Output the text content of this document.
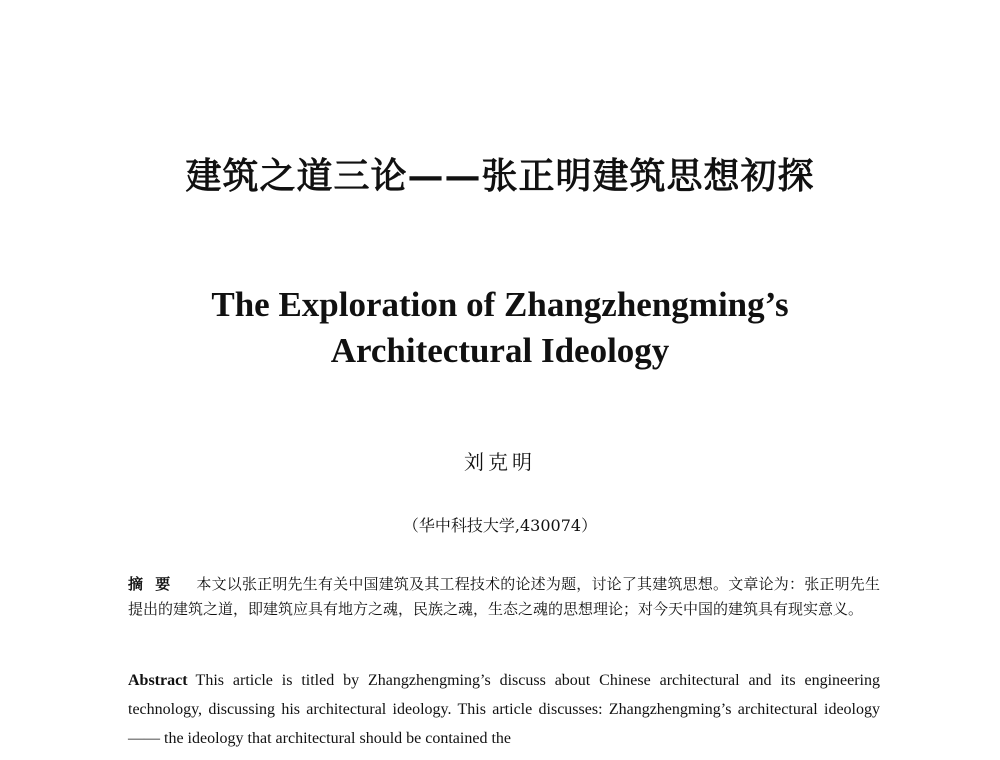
建筑之道三论——张正明建筑思想初探
The Exploration of Zhangzhengming’s
Architectural Ideology
刘克明
（华中科技大学,430074）
摘要 本文以张正明先生有关中国建筑及其工程技术的论述为题，讨论了其建筑思想。文章论为：张正明先生提出的建筑之道，即建筑应具有地方之魂，民族之魂，生态之魂的思想理论；对今天中国的建筑具有现实意义。
Abstract This article is titled by Zhangzhengming’s discuss about Chinese architectural and its engineering technology, discussing his architectural ideology. This article discusses: Zhangzhengming’s architectural ideology —— the ideology that architectural should be contained the
